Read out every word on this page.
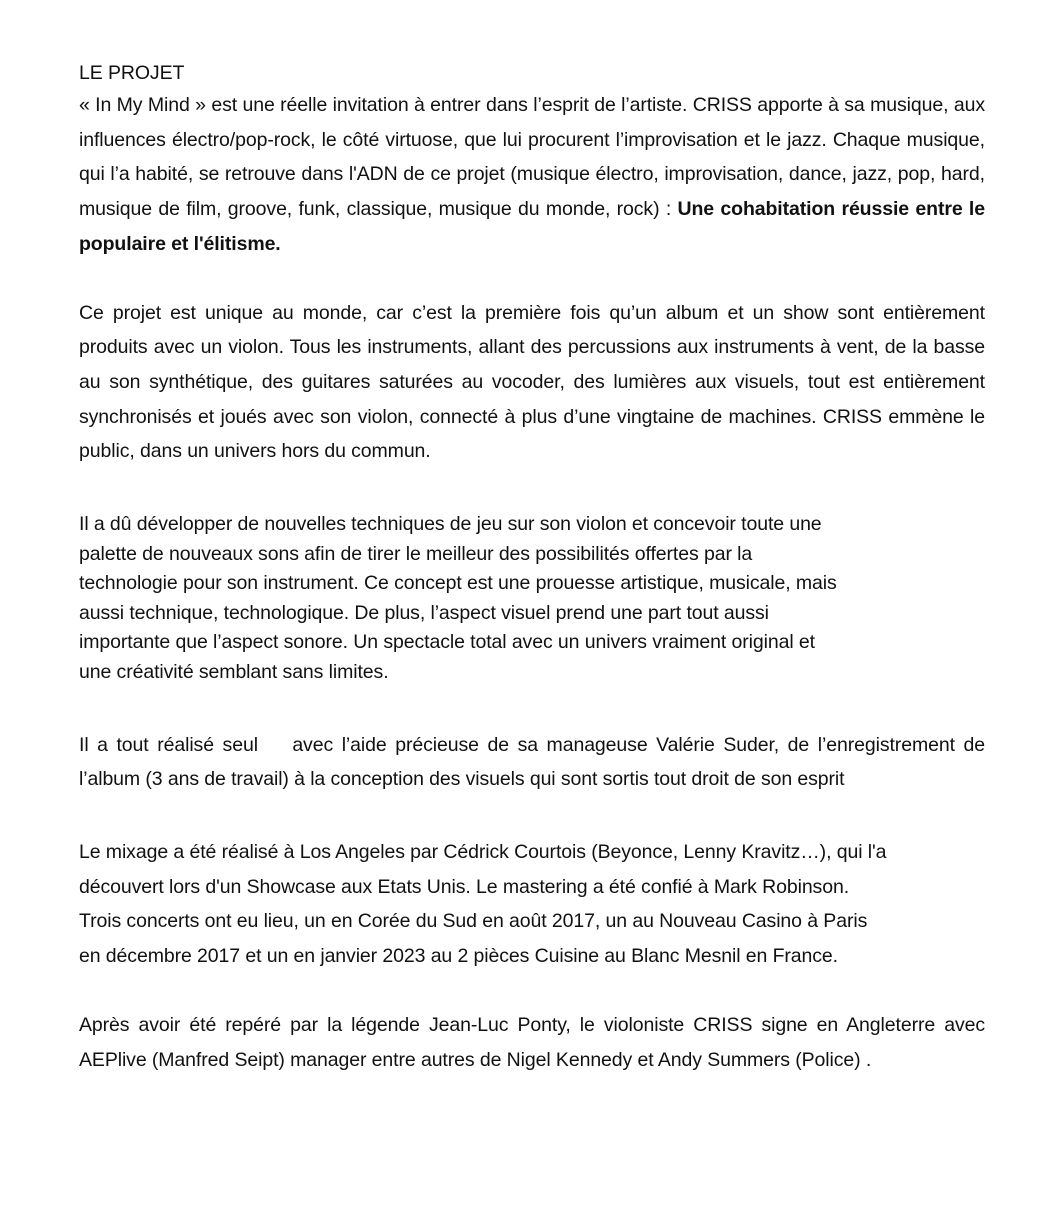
LE PROJET

« In My Mind » est une réelle invitation à entrer dans l’esprit de l’artiste. CRISS apporte à sa musique, aux influences électro/pop-rock, le côté virtuose, que lui procurent l’improvisation et le jazz. Chaque musique, qui l’a habité, se retrouve dans l'ADN de ce projet (musique électro, improvisation, dance, jazz, pop, hard, musique de film, groove, funk, classique, musique du monde, rock) : Une cohabitation réussie entre le populaire et l'élitisme.

Ce projet est unique au monde, car c’est la première fois qu’un album et un show sont entièrement produits avec un violon. Tous les instruments, allant des percussions aux instruments à vent, de la basse au son synthétique, des guitares saturées au vocoder, des lumières aux visuels, tout est entièrement synchronisés et joués avec son violon, connecté à plus d’une vingtaine de machines. CRISS emmène le public, dans un univers hors du commun.

Il a dû développer de nouvelles techniques de jeu sur son violon et concevoir toute une
palette de nouveaux sons afin de tirer le meilleur des possibilités offertes par la
technologie pour son instrument. Ce concept est une prouesse artistique, musicale, mais
aussi technique, technologique. De plus, l’aspect visuel prend une part tout aussi
importante que l’aspect sonore. Un spectacle total avec un univers vraiment original et
une créativité semblant sans limites.

Il a tout réalisé seul    avec l’aide précieuse de sa manageuse Valérie Suder, de l’enregistrement de l’album (3 ans de travail) à la conception des visuels qui sont sortis tout droit de son esprit

Le mixage a été réalisé à Los Angeles par Cédrick Courtois (Beyonce, Lenny Kravitz…), qui l'a
découvert lors d'un Showcase aux Etats Unis. Le mastering a été confié à Mark Robinson.
Trois concerts ont eu lieu, un en Corée du Sud en août 2017, un au Nouveau Casino à Paris
en décembre 2017 et un en janvier 2023 au 2 pièces Cuisine au Blanc Mesnil en France.

Après avoir été repéré par la légende Jean-Luc Ponty, le violoniste CRISS signe en Angleterre avec AEPlive (Manfred Seipt) manager entre autres de Nigel Kennedy et Andy Summers (Police) .
